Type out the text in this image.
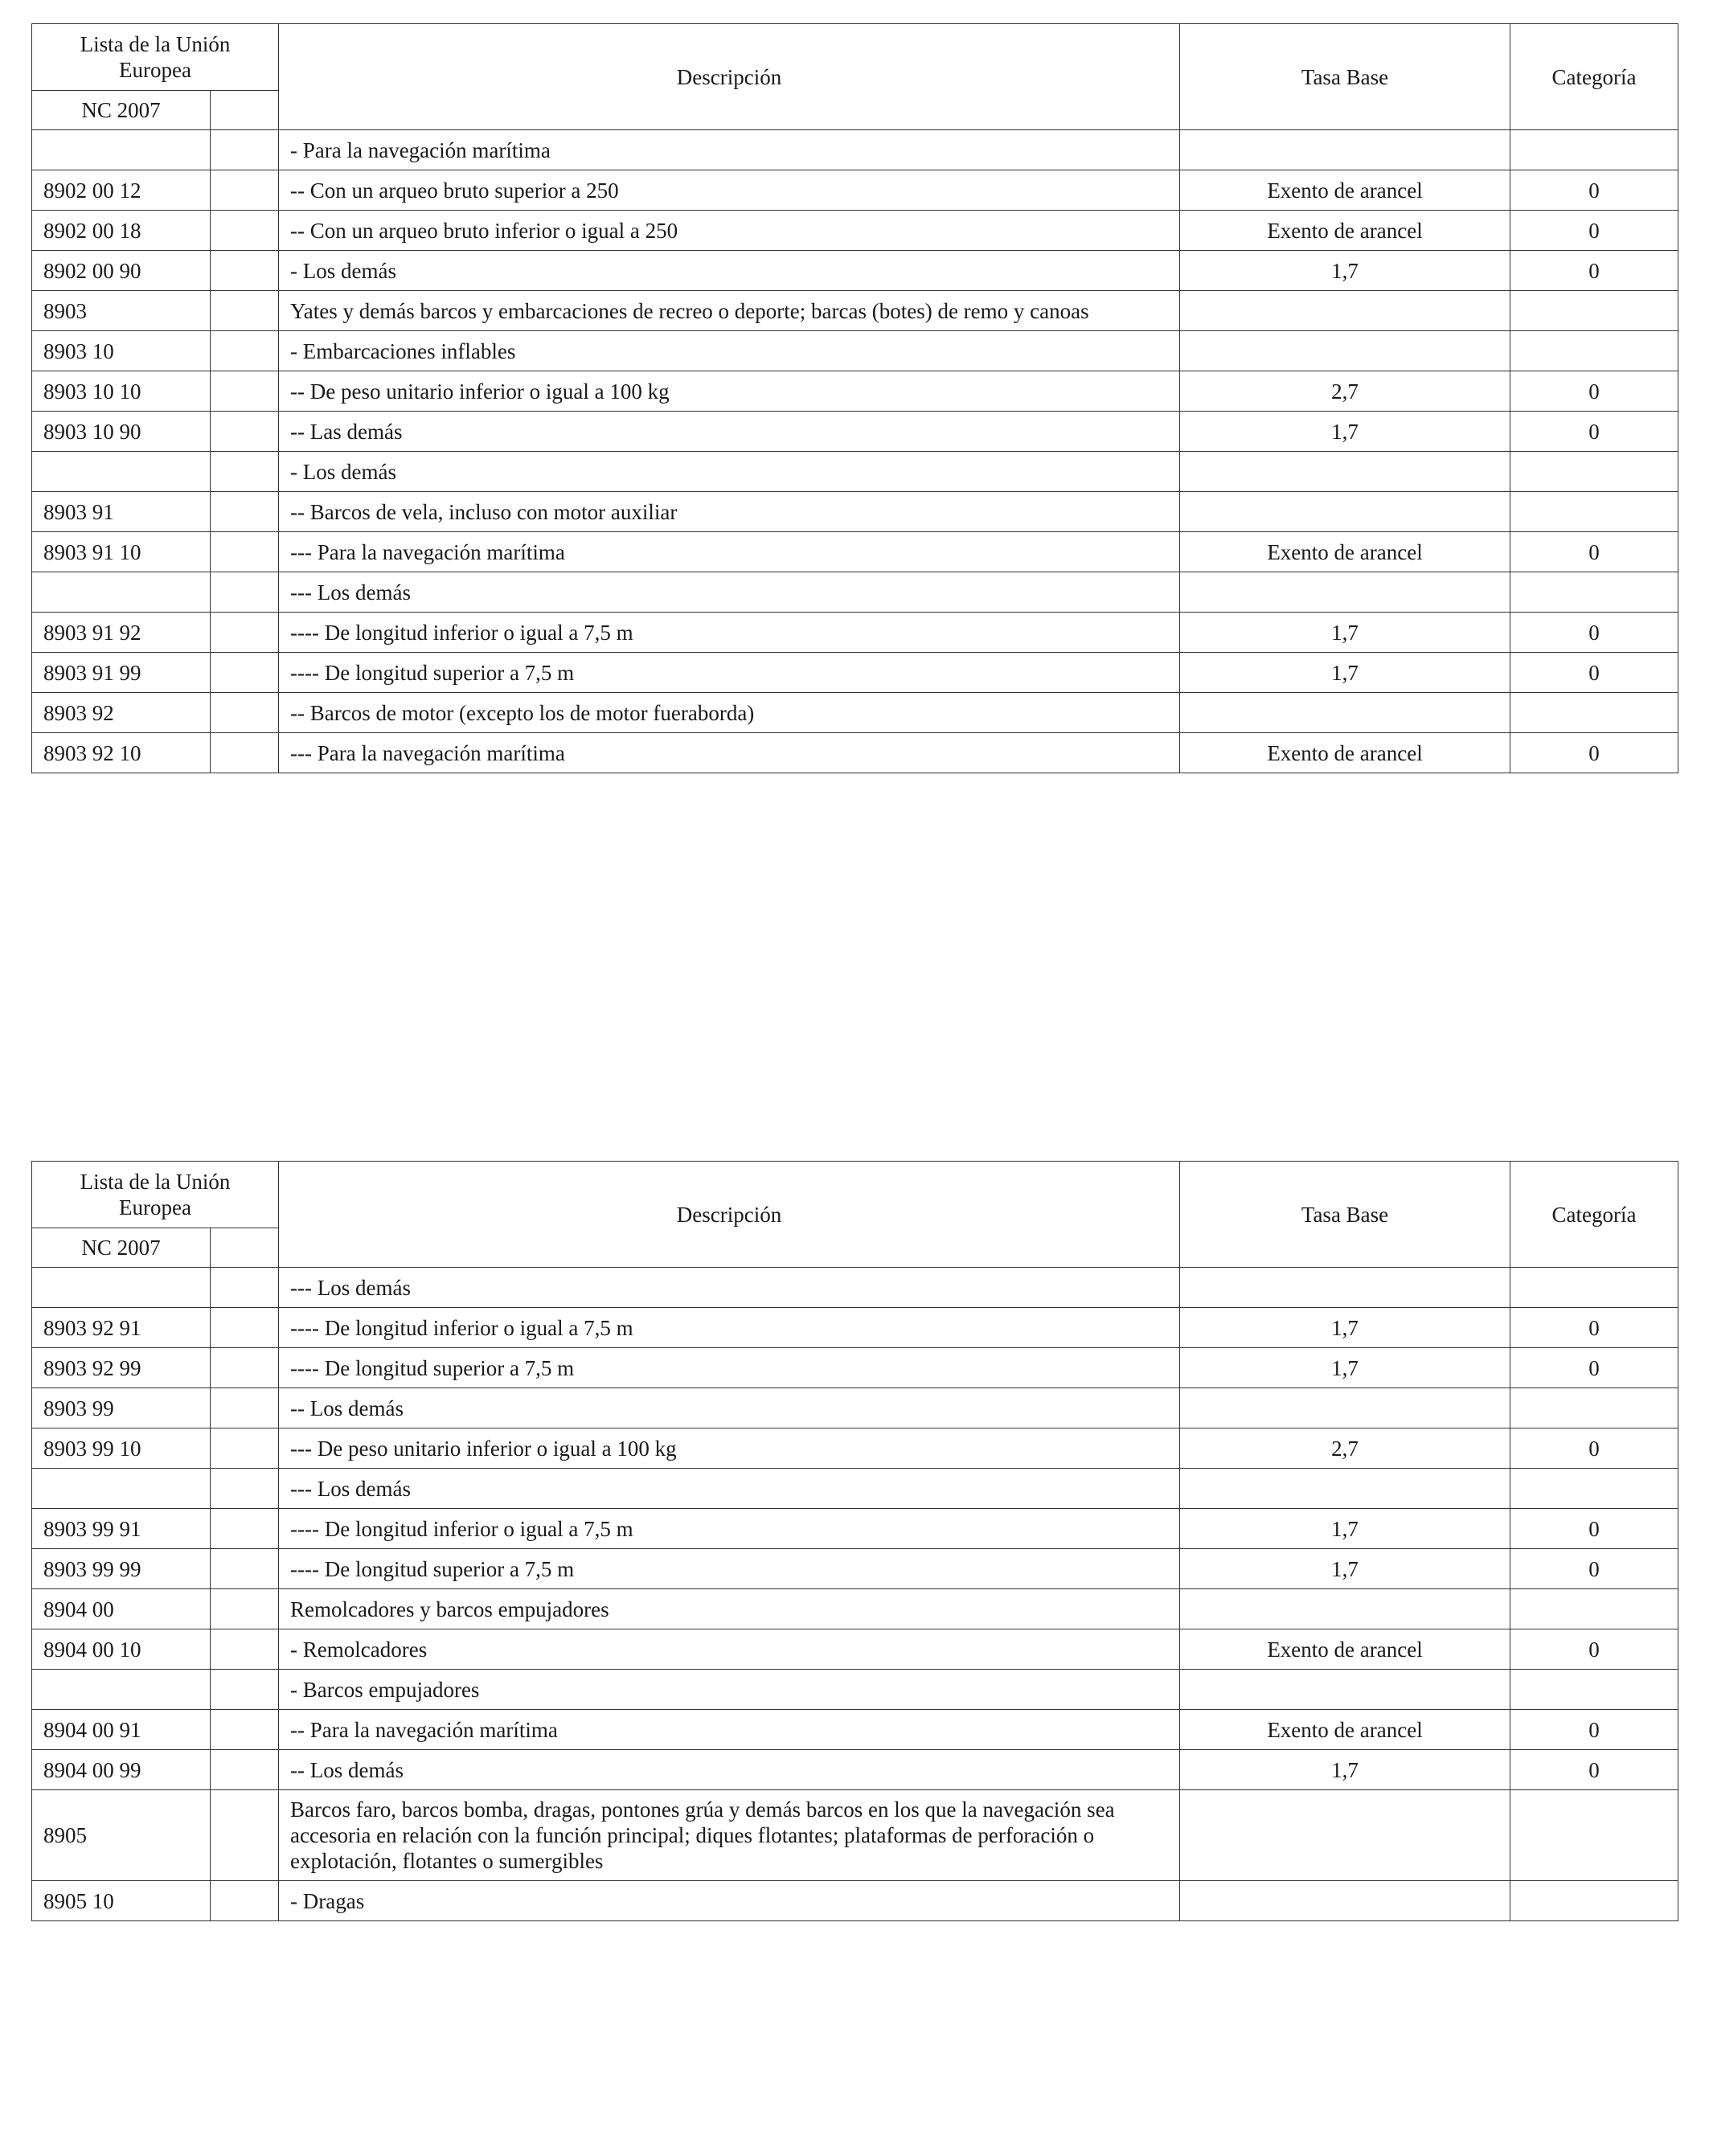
Lista de la Unión Europea		Descripción	Tasa Base	Categoría
NC 2007				
		- Para la navegación marítima		
8902 00 12		-- Con un arqueo bruto superior a 250	Exento de arancel	0
8902 00 18		-- Con un arqueo bruto inferior o igual a 250	Exento de arancel	0
8902 00 90		- Los demás	1,7	0
8903		Yates y demás barcos y embarcaciones de recreo o deporte; barcas (botes) de remo y canoas		
8903 10		- Embarcaciones inflables		
8903 10 10		-- De peso unitario inferior o igual a 100 kg	2,7	0
8903 10 90		-- Las demás	1,7	0
		- Los demás		
8903 91		-- Barcos de vela, incluso con motor auxiliar		
8903 91 10		--- Para la navegación marítima	Exento de arancel	0
		--- Los demás		
8903 91 92		---- De longitud inferior o igual a 7,5 m	1,7	0
8903 91 99		---- De longitud superior a 7,5 m	1,7	0
8903 92		-- Barcos de motor (excepto los de motor fueraborda)		
8903 92 10		--- Para la navegación marítima	Exento de arancel	0
Lista de la Unión Europea		Descripción	Tasa Base	Categoría
NC 2007				
		--- Los demás		
8903 92 91		---- De longitud inferior o igual a 7,5 m	1,7	0
8903 92 99		---- De longitud superior a 7,5 m	1,7	0
8903 99		-- Los demás		
8903 99 10		--- De peso unitario inferior o igual a 100 kg	2,7	0
		--- Los demás		
8903 99 91		---- De longitud inferior o igual a 7,5 m	1,7	0
8903 99 99		---- De longitud superior a 7,5 m	1,7	0
8904 00		Remolcadores y barcos empujadores		
8904 00 10		- Remolcadores	Exento de arancel	0
		- Barcos empujadores		
8904 00 91		-- Para la navegación marítima	Exento de arancel	0
8904 00 99		-- Los demás	1,7	0
8905		Barcos faro, barcos bomba, dragas, pontones grúa y demás barcos en los que la navegación sea accesoria en relación con la función principal; diques flotantes; plataformas de perforación o explotación, flotantes o sumergibles		
8905 10		- Dragas		
